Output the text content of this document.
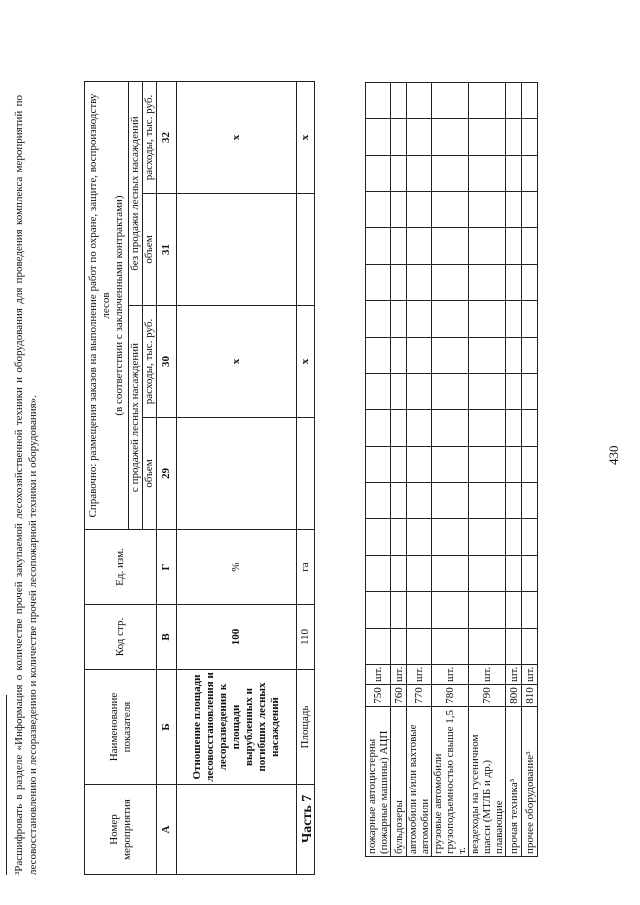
430
Часть 7	пожарные автоцистерны (пожарные машины) АЦП	750	шт.																
бульдозеры	760	шт.																
автомобили и/или вахтовые автомобили	770	шт.																
грузовые автомобили грузоподъемностью свыше 1,5 т.	780	шт.																
вездеходы на гусеничном шасси (МТЛБ и др.) плавающие	790	шт.																
прочая техника³	800	шт.																
прочее оборудование³	810	шт.																
Номер мероприятия	Наименование показателя	Код стр.	Ед. изм.	Справочно: размещения заказов на выполнение работ по охране, защите, воспроизводству лесов
(в соответствии с заключенными контрактами)			
				с продажей лесных насаждений		без продажи лесных насаждений	
				объем	расходы, тыс. руб.	объем	расходы, тыс. руб.

А	Б	В	Г	29	30	31	32
	Отношение площади лесовосстановления и лесоразведения к площади вырубленных и погибших лесных насаждений	100	%		х		х
	Площадь	110	га		х		х
³Расшифровать в разделе «Информация о количестве прочей закупаемой лесохозяйственной техники и оборудования для проведения комплекса мероприятий по лесовосстановлению и лесоразведению и количестве прочей лесопожарной техники и оборудования».
